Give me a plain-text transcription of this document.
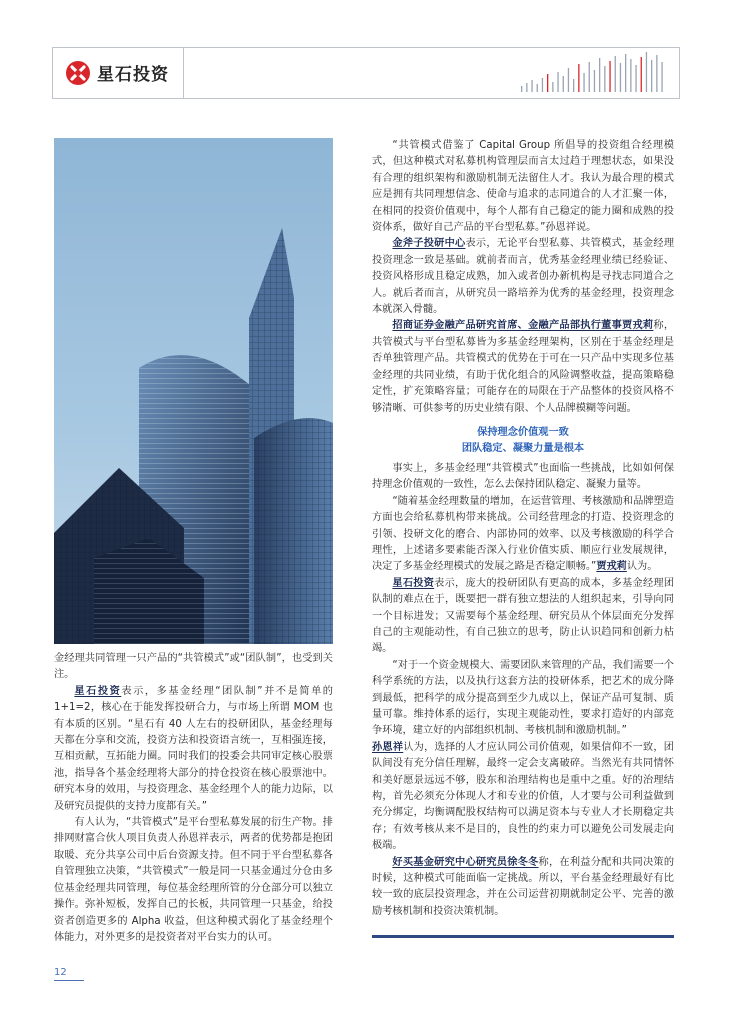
星石投资

金经理共同管理一只产品的“共管模式”或“团队制”，也受到关注。

星石投资表示，多基金经理“团队制”并不是简单的1+1=2，核心在于能发挥投研合力，与市场上所谓 MOM 也有本质的区别。“星石有 40 人左右的投研团队，基金经理每天都在分享和交流，投资方法和投资语言统一，互相强连接，互相贡献，互拓能力圈。同时我们的投委会共同审定核心股票池，指导各个基金经理将大部分的持仓投资在核心股票池中。研究本身的效用，与投资理念、基金经理个人的能力边际，以及研究员提供的支持力度都有关。”

有人认为，“共管模式”是平台型私募发展的衍生产物。排排网财富合伙人项目负责人孙恩祥表示，两者的优势都是抱团取暖、充分共享公司中后台资源支持。但不同于平台型私募各自管理独立决策，“共管模式”一般是同一只基金通过分仓由多位基金经理共同管理，每位基金经理所管的分仓部分可以独立操作。弥补短板，发挥自己的长板，共同管理一只基金，给投资者创造更多的 Alpha 收益，但这种模式弱化了基金经理个体能力，对外更多的是投资者对平台实力的认可。

“共管模式借鉴了 Capital Group 所倡导的投资组合经理模式，但这种模式对私募机构管理层而言太过趋于理想状态，如果没有合理的组织架构和激励机制无法留住人才。我认为最合理的模式应是拥有共同理想信念、使命与追求的志同道合的人才汇聚一体，在相同的投资价值观中，每个人都有自己稳定的能力圈和成熟的投资体系，做好自己产品的平台型私募。”孙恩祥说。

金斧子投研中心表示，无论平台型私募、共管模式，基金经理投资理念一致是基础。就前者而言，优秀基金经理业绩已经验证、投资风格形成且稳定成熟，加入或者创办新机构是寻找志同道合之人。就后者而言，从研究员一路培养为优秀的基金经理，投资理念本就深入骨髓。

招商证券金融产品研究首席、金融产品部执行董事贾戎莉称，共管模式与平台型私募皆为多基金经理架构，区别在于基金经理是否单独管理产品。共管模式的优势在于可在一只产品中实现多位基金经理的共同业绩，有助于优化组合的风险调整收益，提高策略稳定性，扩充策略容量；可能存在的局限在于产品整体的投资风格不够清晰、可供参考的历史业绩有限、个人品牌模糊等问题。

保持理念价值观一致
团队稳定、凝聚力量是根本

事实上，多基金经理“共管模式”也面临一些挑战，比如如何保持理念价值观的一致性，怎么去保持团队稳定、凝聚力量等。

“随着基金经理数量的增加，在运营管理、考核激励和品牌塑造方面也会给私募机构带来挑战。公司经营理念的打造、投资理念的引领、投研文化的磨合、内部协同的效率、以及考核激励的科学合理性，上述诸多要素能否深入行业价值实质、顺应行业发展规律，决定了多基金经理模式的发展之路是否稳定顺畅。”贾戎莉认为。

星石投资表示，庞大的投研团队有更高的成本，多基金经理团队制的难点在于，既要把一群有独立想法的人组织起来，引导向同一个目标进发；又需要每个基金经理、研究员从个体层面充分发挥自己的主观能动性，有自己独立的思考，防止认识趋同和创新力枯竭。

“对于一个资金规模大、需要团队来管理的产品，我们需要一个科学系统的方法，以及执行这套方法的投研体系，把艺术的成分降到最低，把科学的成分提高到至少九成以上，保证产品可复制、质量可靠。维持体系的运行，实现主观能动性，要求打造好的内部竞争环境，建立好的内部组织机制、考核机制和激励机制。”

孙恩祥认为，选择的人才应认同公司价值观，如果信仰不一致，团队间没有充分信任理解，最终一定会支离破碎。当然光有共同情怀和美好愿景远远不够，股东和治理结构也是重中之重。好的治理结构，首先必须充分体现人才和专业的价值，人才要与公司利益做到充分绑定，均衡调配股权结构可以满足资本与专业人才长期稳定共存；有效考核从来不是目的，良性的约束力可以避免公司发展走向极端。

好买基金研究中心研究员徐冬冬称，在利益分配和共同决策的时候，这种模式可能面临一定挑战。所以，平台基金经理最好有比较一致的底层投资理念，并在公司运营初期就制定公平、完善的激励考核机制和投资决策机制。

12
